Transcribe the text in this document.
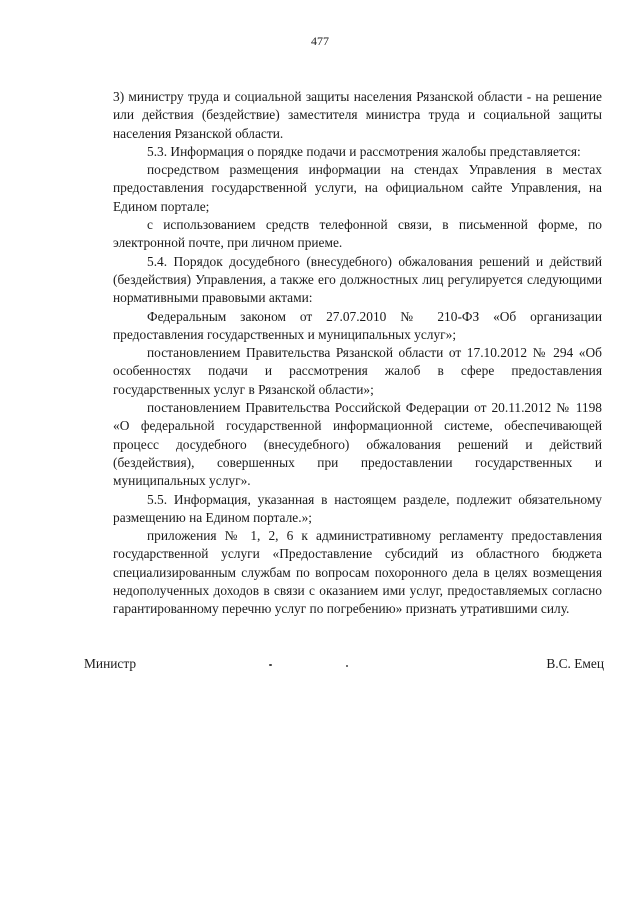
477

3) министру труда и социальной защиты населения Рязанской области - на решение или действия (бездействие) заместителя министра труда и социальной защиты населения Рязанской области.

5.3. Информация о порядке подачи и рассмотрения жалобы представляется:

посредством размещения информации на стендах Управления в местах предоставления государственной услуги, на официальном сайте Управления, на Едином портале;

с использованием средств телефонной связи, в письменной форме, по электронной почте, при личном приеме.

5.4. Порядок досудебного (внесудебного) обжалования решений и действий (бездействия) Управления, а также его должностных лиц регулируется следующими нормативными правовыми актами:

Федеральным законом от 27.07.2010 № 210-ФЗ «Об организации предоставления государственных и муниципальных услуг»;

постановлением Правительства Рязанской области от 17.10.2012 № 294 «Об особенностях подачи и рассмотрения жалоб в сфере предоставления государственных услуг в Рязанской области»;

постановлением Правительства Российской Федерации от 20.11.2012 № 1198 «О федеральной государственной информационной системе, обеспечивающей процесс досудебного (внесудебного) обжалования решений и действий (бездействия), совершенных при предоставлении государственных и муниципальных услуг».

5.5. Информация, указанная в настоящем разделе, подлежит обязательному размещению на Едином портале.»;

приложения № 1, 2, 6 к административному регламенту предоставления государственной услуги «Предоставление субсидий из областного бюджета специализированным службам по вопросам похоронного дела в целях возмещения недополученных доходов в связи с оказанием ими услуг, предоставляемых согласно гарантированному перечню услуг по погребению» признать утратившими силу.

Министр	В.С. Емец
